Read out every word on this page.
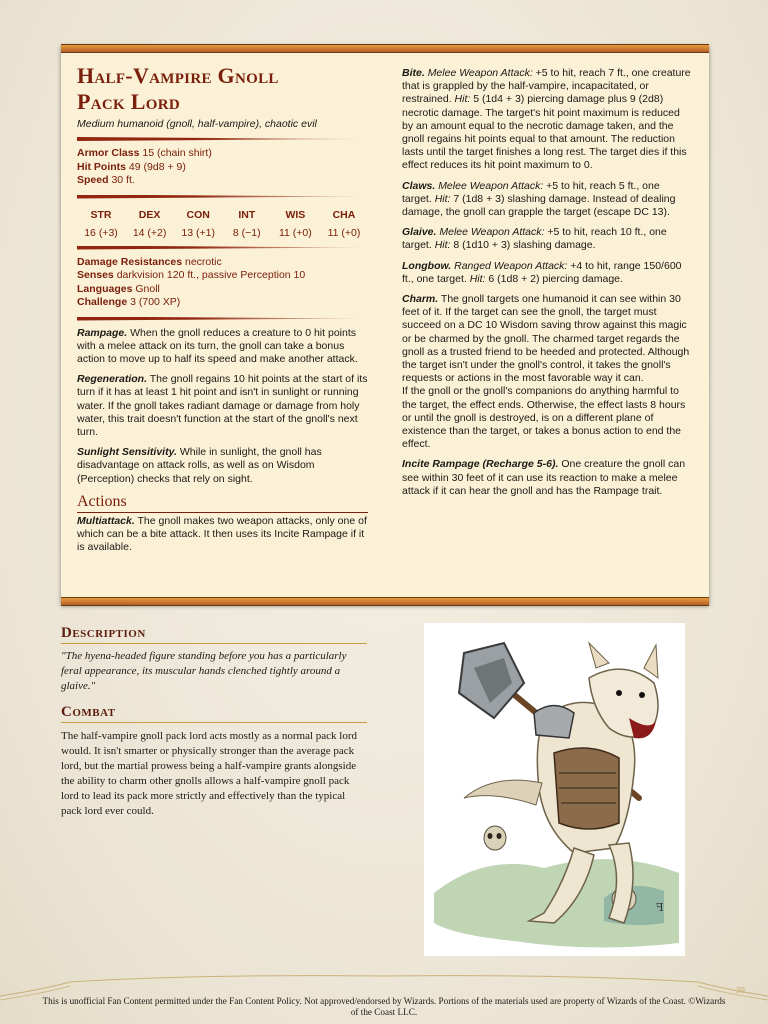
Half-Vampire Gnoll
Pack Lord

Medium humanoid (gnoll, half-vampire), chaotic evil

Armor Class 15 (chain shirt)
Hit Points 49 (9d8 + 9)
Speed 30 ft.
STR
16 (+3)
DEX
14 (+2)
CON
13 (+1)
INT
8 (−1)
WIS
11 (+0)
CHA
11 (+0)
Damage Resistances necrotic
Senses darkvision 120 ft., passive Perception 10
Languages Gnoll
Challenge 3 (700 XP)

Rampage. When the gnoll reduces a creature to 0 hit points with a melee attack on its turn, the gnoll can take a bonus action to move up to half its speed and make another attack.

Regeneration. The gnoll regains 10 hit points at the start of its turn if it has at least 1 hit point and isn't in sunlight or running water. If the gnoll takes radiant damage or damage from holy water, this trait doesn't function at the start of the gnoll's next turn.

Sunlight Sensitivity. While in sunlight, the gnoll has disadvantage on attack rolls, as well as on Wisdom (Perception) checks that rely on sight.

Actions

Multiattack. The gnoll makes two weapon attacks, only one of which can be a bite attack. It then uses its Incite Rampage if it is available.

Bite. Melee Weapon Attack: +5 to hit, reach 7 ft., one creature that is grappled by the half-vampire, incapacitated, or restrained. Hit: 5 (1d4 + 3) piercing damage plus 9 (2d8) necrotic damage. The target's hit point maximum is reduced by an amount equal to the necrotic damage taken, and the gnoll regains hit points equal to that amount. The reduction lasts until the target finishes a long rest. The target dies if this effect reduces its hit point maximum to 0.

Claws. Melee Weapon Attack: +5 to hit, reach 5 ft., one target. Hit: 7 (1d8 + 3) slashing damage. Instead of dealing damage, the gnoll can grapple the target (escape DC 13).

Glaive. Melee Weapon Attack: +5 to hit, reach 10 ft., one target. Hit: 8 (1d10 + 3) slashing damage.

Longbow. Ranged Weapon Attack: +4 to hit, range 150/600 ft., one target. Hit: 6 (1d8 + 2) piercing damage.

Charm. The gnoll targets one humanoid it can see within 30 feet of it. If the target can see the gnoll, the target must succeed on a DC 10 Wisdom saving throw against this magic or be charmed by the gnoll. The charmed target regards the gnoll as a trusted friend to be heeded and protected. Although the target isn't under the gnoll's control, it takes the gnoll's requests or actions in the most favorable way it can.
If the gnoll or the gnoll's companions do anything harmful to the target, the effect ends. Otherwise, the effect lasts 8 hours or until the gnoll is destroyed, is on a different plane of existence than the target, or takes a bonus action to end the effect.

Incite Rampage (Recharge 5-6). One creature the gnoll can see within 30 feet of it can use its reaction to make a melee attack if it can hear the gnoll and has the Rampage trait.

Description
"The hyena-headed figure standing before you has a particularly feral appearance, its muscular hands clenched tightly around a glaive."
Combat
The half-vampire gnoll pack lord acts mostly as a normal pack lord would. It isn't smarter or physically stronger than the average pack lord, but the martial prowess being a half-vampire grants alongside the ability to charm other gnolls allows a half-vampire gnoll pack lord to lead its pack more strictly and effectively than the typical pack lord ever could.
ꟻ
39
This is unofficial Fan Content permitted under the Fan Content Policy. Not approved/endorsed by Wizards. Portions of the materials used are property of Wizards of the Coast. ©Wizards of the Coast LLC.
